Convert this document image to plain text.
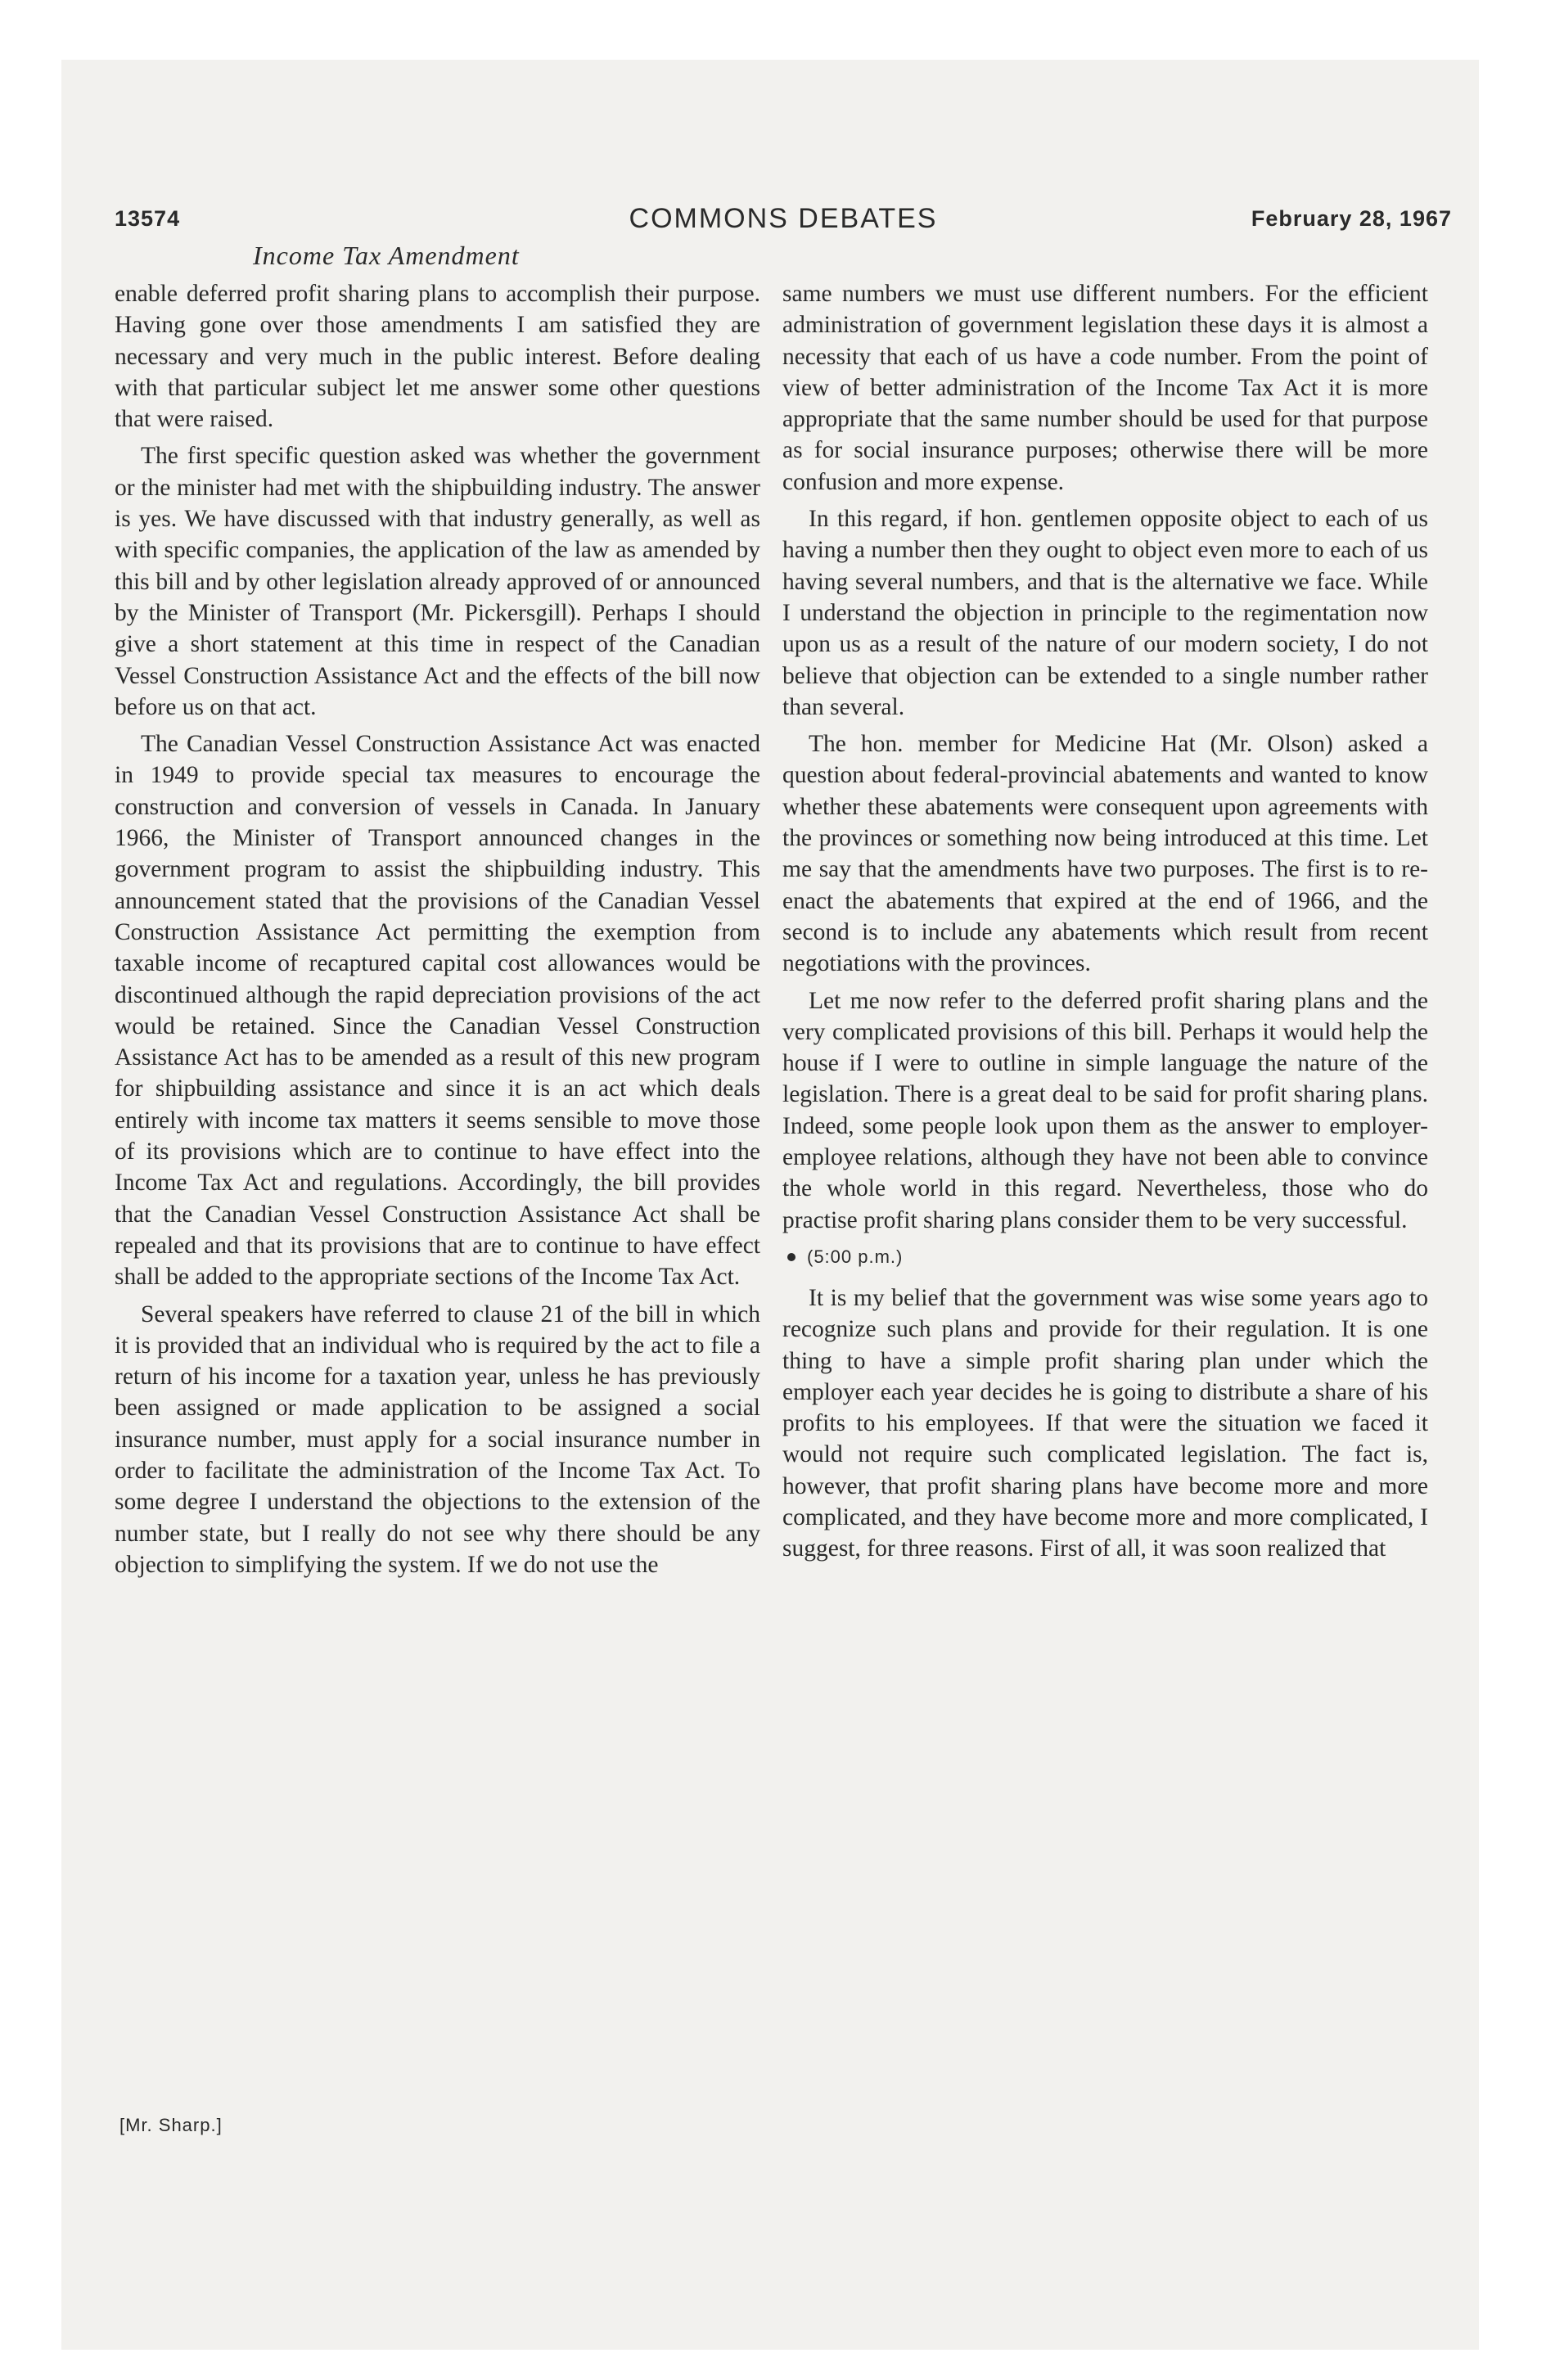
13574	COMMONS DEBATES	February 28, 1967
Income Tax Amendment

enable deferred profit sharing plans to accomplish their purpose. Having gone over those amendments I am satisfied they are necessary and very much in the public interest. Before dealing with that particular subject let me answer some other questions that were raised.

The first specific question asked was whether the government or the minister had met with the shipbuilding industry. The answer is yes. We have discussed with that industry generally, as well as with specific companies, the application of the law as amended by this bill and by other legislation already approved of or announced by the Minister of Transport (Mr. Pickersgill). Perhaps I should give a short statement at this time in respect of the Canadian Vessel Construction Assistance Act and the effects of the bill now before us on that act.

The Canadian Vessel Construction Assistance Act was enacted in 1949 to provide special tax measures to encourage the construction and conversion of vessels in Canada. In January 1966, the Minister of Transport announced changes in the government program to assist the shipbuilding industry. This announcement stated that the provisions of the Canadian Vessel Construction Assistance Act permitting the exemption from taxable income of recaptured capital cost allowances would be discontinued although the rapid depreciation provisions of the act would be retained. Since the Canadian Vessel Construction Assistance Act has to be amended as a result of this new program for shipbuilding assistance and since it is an act which deals entirely with income tax matters it seems sensible to move those of its provisions which are to continue to have effect into the Income Tax Act and regulations. Accordingly, the bill provides that the Canadian Vessel Construction Assistance Act shall be repealed and that its provisions that are to continue to have effect shall be added to the appropriate sections of the Income Tax Act.

Several speakers have referred to clause 21 of the bill in which it is provided that an individual who is required by the act to file a return of his income for a taxation year, unless he has previously been assigned or made application to be assigned a social insurance number, must apply for a social insurance number in order to facilitate the administration of the Income Tax Act. To some degree I understand the objections to the extension of the number state, but I really do not see why there should be any objection to simplifying the system. If we do not use the

same numbers we must use different numbers. For the efficient administration of government legislation these days it is almost a necessity that each of us have a code number. From the point of view of better administration of the Income Tax Act it is more appropriate that the same number should be used for that purpose as for social insurance purposes; otherwise there will be more confusion and more expense.

In this regard, if hon. gentlemen opposite object to each of us having a number then they ought to object even more to each of us having several numbers, and that is the alternative we face. While I understand the objection in principle to the regimentation now upon us as a result of the nature of our modern society, I do not believe that objection can be extended to a single number rather than several.

The hon. member for Medicine Hat (Mr. Olson) asked a question about federal-provincial abatements and wanted to know whether these abatements were consequent upon agreements with the provinces or something now being introduced at this time. Let me say that the amendments have two purposes. The first is to re-enact the abatements that expired at the end of 1966, and the second is to include any abatements which result from recent negotiations with the provinces.

Let me now refer to the deferred profit sharing plans and the very complicated provisions of this bill. Perhaps it would help the house if I were to outline in simple language the nature of the legislation. There is a great deal to be said for profit sharing plans. Indeed, some people look upon them as the answer to employer-employee relations, although they have not been able to convince the whole world in this regard. Nevertheless, those who do practise profit sharing plans consider them to be very successful.

(5:00 p.m.)

It is my belief that the government was wise some years ago to recognize such plans and provide for their regulation. It is one thing to have a simple profit sharing plan under which the employer each year decides he is going to distribute a share of his profits to his employees. If that were the situation we faced it would not require such complicated legislation. The fact is, however, that profit sharing plans have become more and more complicated, and they have become more and more complicated, I suggest, for three reasons. First of all, it was soon realized that

[Mr. Sharp.]
